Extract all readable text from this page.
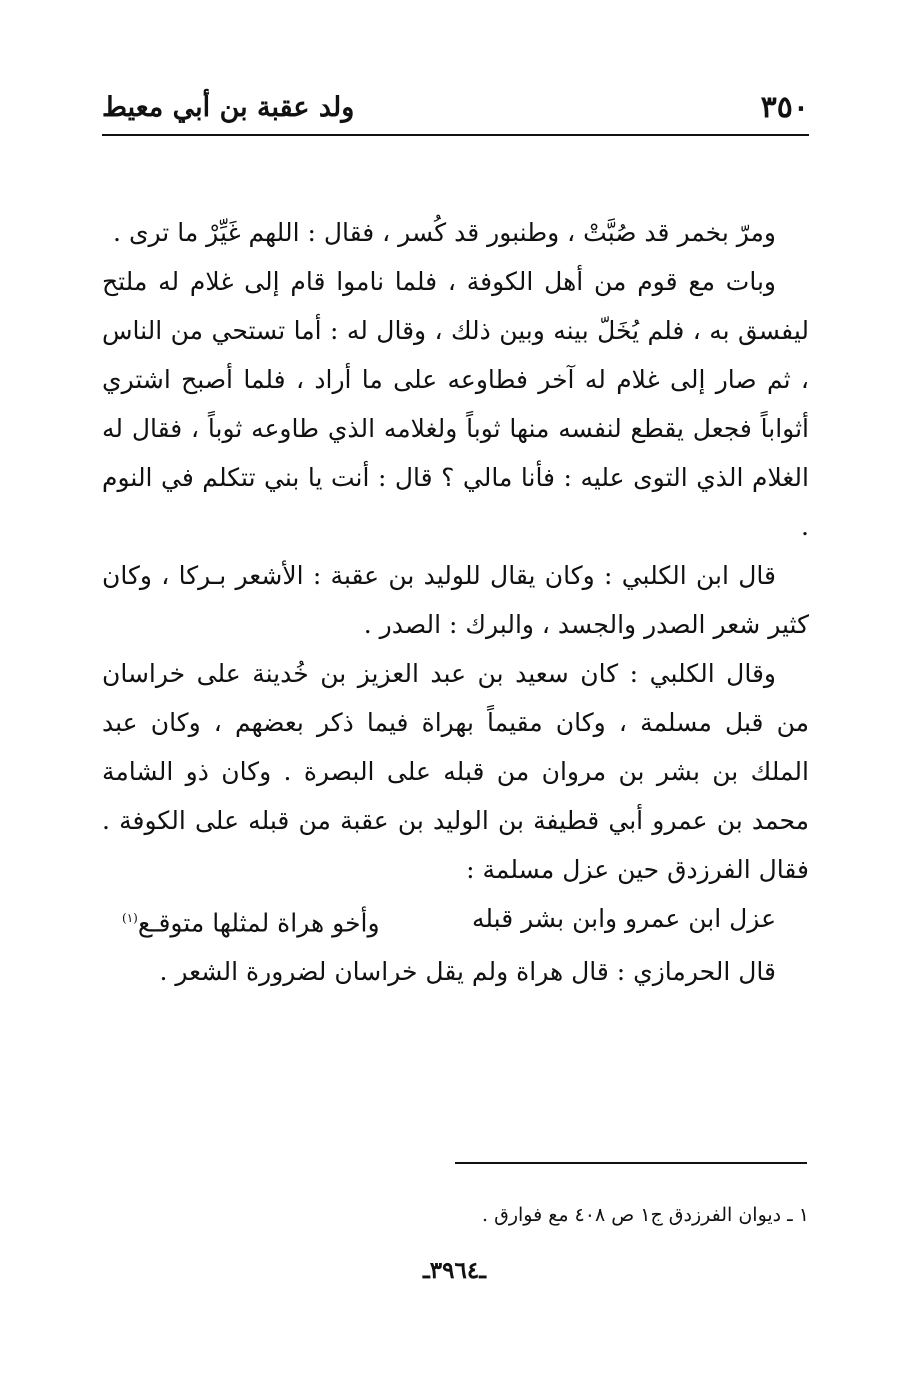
٣٥٠
ولد عقبة بن أبي معيط

ومرّ بخمر قد صُبَّتْ ، وطنبور قد كُسر ، فقال : اللهم غَيِّرْ ما ترى .

وبات مع قوم من أهل الكوفة ، فلما ناموا قام إلى غلام له ملتح ليفسق به ، فلم يُخَلّ بينه وبين ذلك ، وقال له : أما تستحي من الناس ، ثم صار إلى غلام له آخر فطاوعه على ما أراد ، فلما أصبح اشتري أثواباً فجعل يقطع لنفسه منها ثوباً ولغلامه الذي طاوعه ثوباً ، فقال له الغلام الذي التوى عليه : فأنا مالي ؟ قال : أنت يا بني تتكلم في النوم .

قال ابن الكلبي : وكان يقال للوليد بن عقبة : الأشعر بـركا ، وكان كثير شعر الصدر والجسد ، والبرك : الصدر .

وقال الكلبي : كان سعيد بن عبد العزيز بن خُدينة على خراسان من قبل مسلمة ، وكان مقيماً بهراة فيما ذكر بعضهم ، وكان عبد الملك بن بشر بن مروان من قبله على البصرة . وكان ذو الشامة محمد بن عمرو أبي قطيفة بن الوليد بن عقبة من قبله على الكوفة . فقال الفرزدق حين عزل مسلمة :

عزل ابن عمرو وابن بشر قبله
وأخو هراة لمثلها متوقـع$^{(١)}$

قال الحرمازي : قال هراة ولم يقل خراسان لضرورة الشعر .

١ ـ ديوان الفرزدق ج١ ص ٤٠٨ مع فوارق .
ـ٣٩٦٤ـ
